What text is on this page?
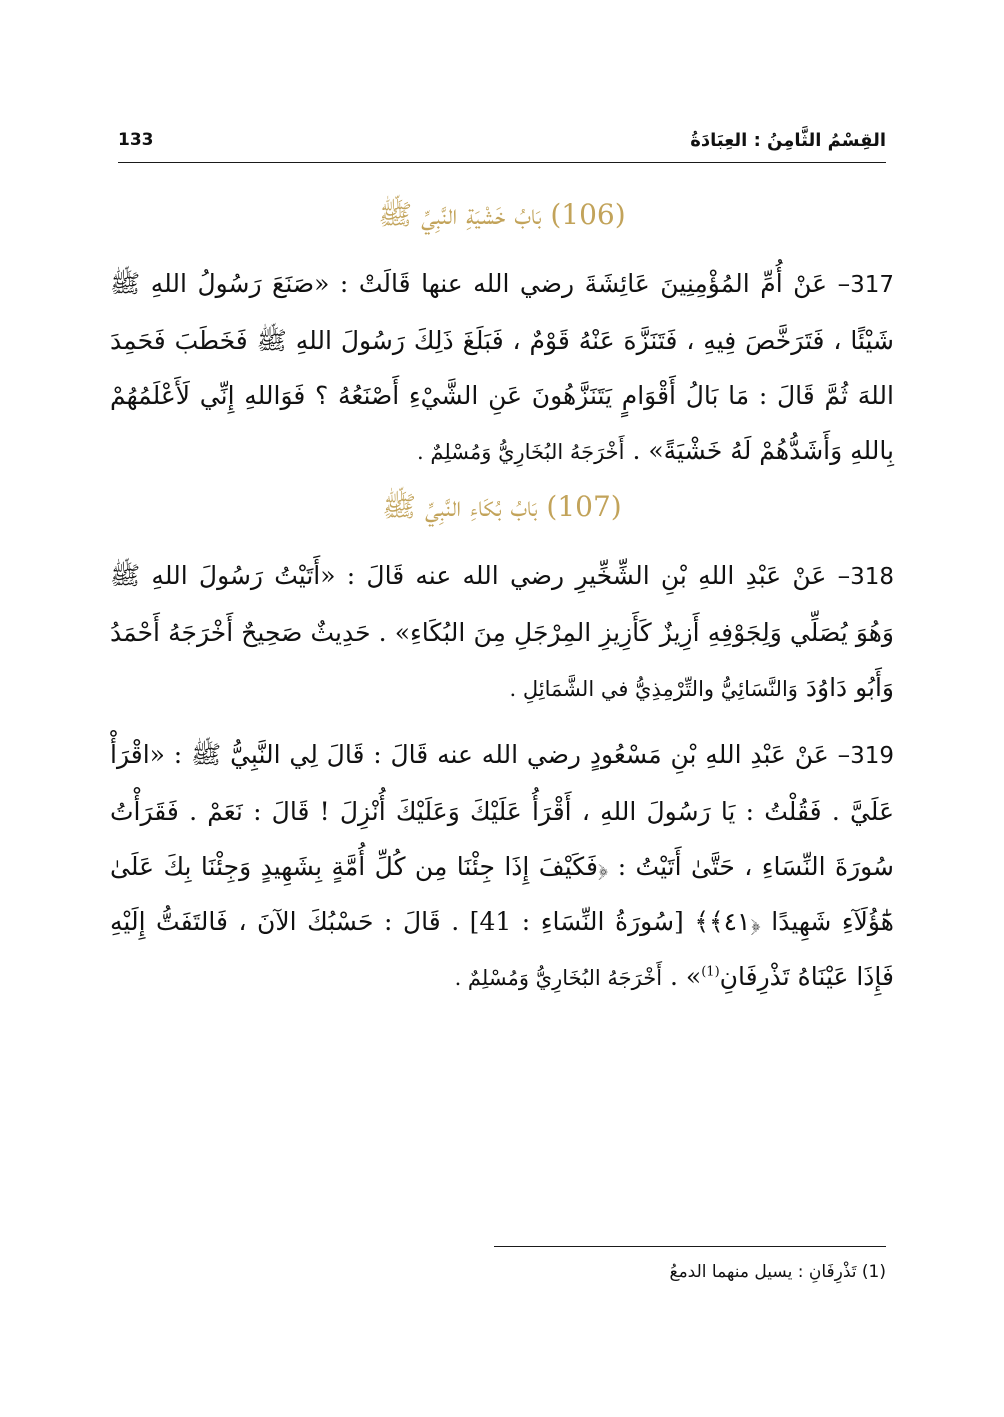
133	القِسْمُ الثَّامِنُ : العِبَادَةُ
(106) بَابُ خَشْيَةِ النَّبِيِّ ﷺ

317– عَنْ أُمِّ المُؤْمِنِينَ عَائِشَةَ رضي الله عنها قَالَتْ : «صَنَعَ رَسُولُ اللهِ ﷺ شَيْئًا ، فَتَرَخَّصَ فِيهِ ، فَتَنَزَّهَ عَنْهُ قَوْمٌ ، فَبَلَغَ ذَلِكَ رَسُولَ اللهِ ﷺ فَخَطَبَ فَحَمِدَ اللهَ ثُمَّ قَالَ : مَا بَالُ أَقْوَامٍ يَتَنَزَّهُونَ عَنِ الشَّيْءِ أَصْنَعُهُ ؟ فَوَاللهِ إِنِّي لَأَعْلَمُهُمْ بِاللهِ وَأَشَدُّهُمْ لَهُ خَشْيَةً» . أَخْرَجَهُ البُخَارِيُّ وَمُسْلِمٌ .

(107) بَابُ بُكَاءِ النَّبِيِّ ﷺ

318– عَنْ عَبْدِ اللهِ بْنِ الشِّخِّيرِ رضي الله عنه قَالَ : «أَتَيْتُ رَسُولَ اللهِ ﷺ وَهُوَ يُصَلِّي وَلِجَوْفِهِ أَزِيزٌ كَأَزِيزِ المِرْجَلِ مِنَ البُكَاءِ» . حَدِيثٌ صَحِيحٌ أَخْرَجَهُ أَحْمَدُ وَأَبُو دَاوُدَ وَالنَّسَائِيُّ والتِّرْمِذِيُّ في الشَّمَائِلِ .

319– عَنْ عَبْدِ اللهِ بْنِ مَسْعُودٍ رضي الله عنه قَالَ : قَالَ لِي النَّبِيُّ ﷺ : «اقْرَأْ عَلَيَّ . فَقُلْتُ : يَا رَسُولَ اللهِ ، أَقْرَأُ عَلَيْكَ وَعَلَيْكَ أُنْزِلَ ! قَالَ : نَعَمْ . فَقَرَأْتُ سُورَةَ النِّسَاءِ ، حَتَّىٰ أَتَيْتُ : ﴿فَكَيْفَ إِذَا جِئْنَا مِن كُلِّ أُمَّةٍ بِشَهِيدٍ وَجِئْنَا بِكَ عَلَىٰ هَٰٓؤُلَآءِ شَهِيدًا ﴿٤١﴾﴾ [سُورَةُ النِّسَاءِ : 41] . قَالَ : حَسْبُكَ الآنَ ، فَالتَفَتُّ إِلَيْهِ فَإِذَا عَيْنَاهُ تَذْرِفَانِ$^{(1)}$» . أَخْرَجَهُ البُخَارِيُّ وَمُسْلِمٌ .

(1) تَذْرِفَانِ : يسيل منهما الدمعُ
